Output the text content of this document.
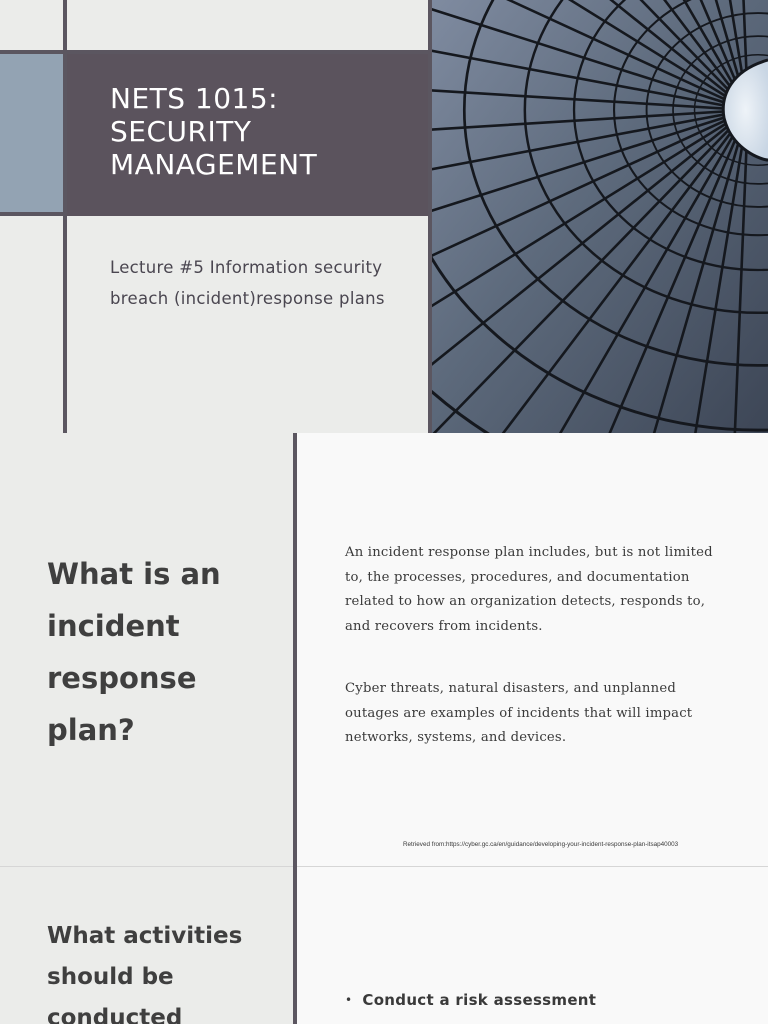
NETS 1015:
SECURITY
MANAGEMENT
Lecture #5 Information security breach (incident)response plans
What is an incident response plan?

An incident response plan includes, but is not limited to, the processes, procedures, and documentation related to how an organization detects, responds to, and recovers from incidents.

Cyber threats, natural disasters, and unplanned outages are examples of incidents that will impact networks, systems, and devices.

Retrieved from:https://cyber.gc.ca/en/guidance/developing-your-incident-response-plan-itsap40003
What activities should be conducted
• Conduct a risk assessment
